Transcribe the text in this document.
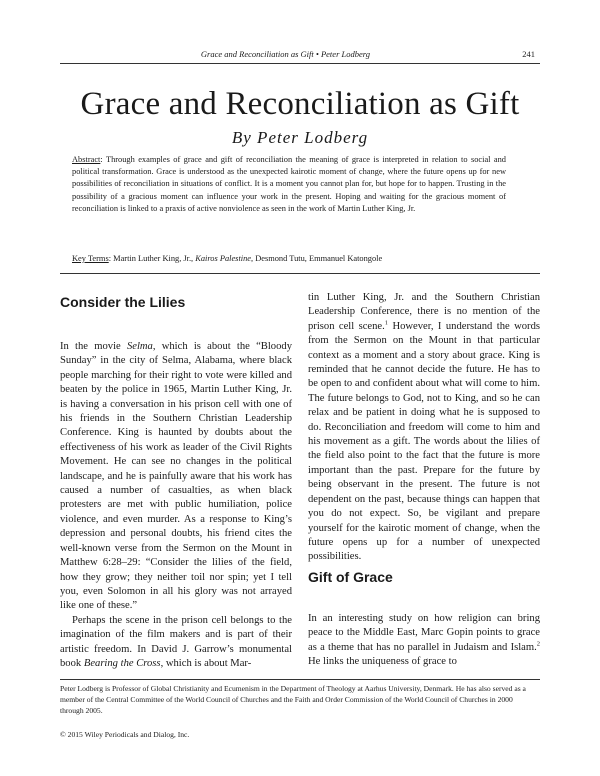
Grace and Reconciliation as Gift • Peter Lodberg	241
Grace and Reconciliation as Gift
By Peter Lodberg
Abstract: Through examples of grace and gift of reconciliation the meaning of grace is interpreted in relation to social and political transformation. Grace is understood as the unexpected kairotic moment of change, where the future opens up for new possibilities of reconciliation in situations of conflict. It is a moment you cannot plan for, but hope for to happen. Trusting in the possibility of a gracious moment can influence your work in the present. Hoping and waiting for the gracious moment of reconciliation is linked to a praxis of active nonviolence as seen in the work of Martin Luther King, Jr.
Key Terms: Martin Luther King, Jr., Kairos Palestine, Desmond Tutu, Emmanuel Katongole
Consider the Lilies

In the movie Selma, which is about the “Bloody Sunday” in the city of Selma, Alabama, where black people marching for their right to vote were killed and beaten by the police in 1965, Martin Luther King, Jr. is having a conversation in his prison cell with one of his friends in the Southern Christian Leadership Conference. King is haunted by doubts about the effectiveness of his work as leader of the Civil Rights Movement. He can see no changes in the political landscape, and he is painfully aware that his work has caused a number of casualties, as when black protesters are met with public humiliation, police violence, and even murder. As a response to King’s depression and personal doubts, his friend cites the well-known verse from the Sermon on the Mount in Matthew 6:28–29: “Consider the lilies of the field, how they grow; they neither toil nor spin; yet I tell you, even Solomon in all his glory was not arrayed like one of these.”

Perhaps the scene in the prison cell belongs to the imagination of the film makers and is part of their artistic freedom. In David J. Garrow’s monumental book Bearing the Cross, which is about Mar-

tin Luther King, Jr. and the Southern Christian Leadership Conference, there is no mention of the prison cell scene.$^1$ However, I understand the words from the Sermon on the Mount in that particular context as a moment and a story about grace. King is reminded that he cannot decide the future. He has to be open to and confident about what will come to him. The future belongs to God, not to King, and so he can relax and be patient in doing what he is supposed to do. Reconciliation and freedom will come to him and his movement as a gift. The words about the lilies of the field also point to the fact that the future is more important than the past. Prepare for the future by being observant in the present. The future is not dependent on the past, because things can happen that you do not expect. So, be vigilant and prepare yourself for the kairotic moment of change, when the future opens up for a number of unexpected possibilities.

Gift of Grace

In an interesting study on how religion can bring peace to the Middle East, Marc Gopin points to grace as a theme that has no parallel in Judaism and Islam.$^2$ He links the uniqueness of grace to

Peter Lodberg is Professor of Global Christianity and Ecumenism in the Department of Theology at Aarhus University, Denmark. He has also served as a member of the Central Committee of the World Council of Churches and the Faith and Order Commission of the World Council of Churches in 2000 through 2005.
© 2015 Wiley Periodicals and Dialog, Inc.
